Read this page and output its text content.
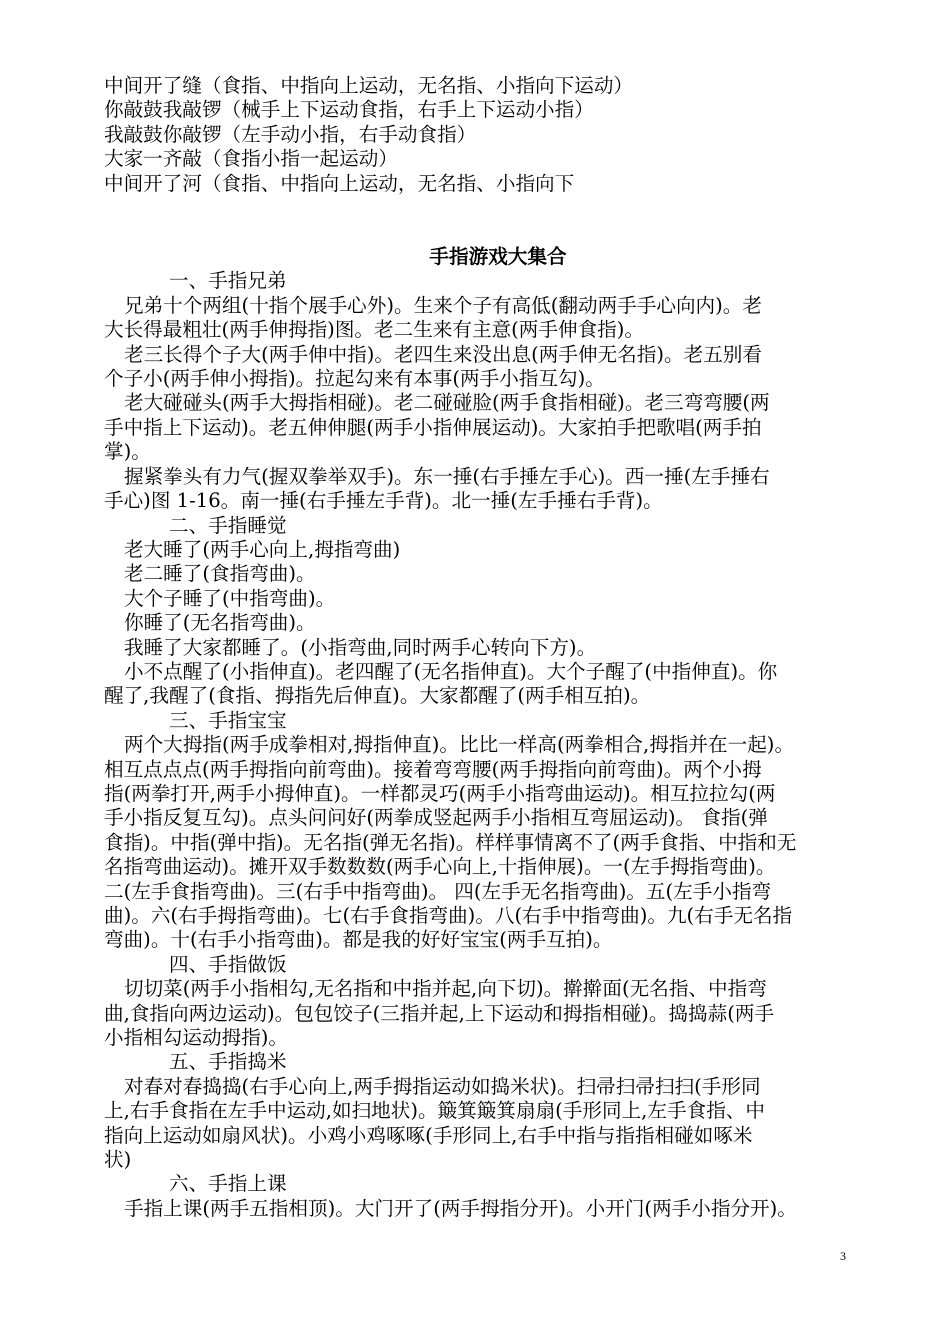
中间开了缝（食指、中指向上运动，无名指、小指向下运动）
你敲鼓我敲锣（械手上下运动食指，右手上下运动小指）
我敲鼓你敲锣（左手动小指，右手动食指）
大家一齐敲（食指小指一起运动）
中间开了河（食指、中指向上运动，无名指、小指向下
手指游戏大集合
一、手指兄弟
兄弟十个两组(十指个展手心外)。生来个子有高低(翻动两手手心向内)。老
大长得最粗壮(两手伸拇指)图。老二生来有主意(两手伸食指)。
老三长得个子大(两手伸中指)。老四生来没出息(两手伸无名指)。老五别看
个子小(两手伸小拇指)。拉起勾来有本事(两手小指互勾)。
老大碰碰头(两手大拇指相碰)。老二碰碰脸(两手食指相碰)。老三弯弯腰(两
手中指上下运动)。老五伸伸腿(两手小指伸展运动)。大家拍手把歌唱(两手拍
掌)。
握紧拳头有力气(握双拳举双手)。东一捶(右手捶左手心)。西一捶(左手捶右
手心)图 1-16。南一捶(右手捶左手背)。北一捶(左手捶右手背)。
二、手指睡觉
老大睡了(两手心向上,拇指弯曲)
老二睡了(食指弯曲)。
大个子睡了(中指弯曲)。
你睡了(无名指弯曲)。
我睡了大家都睡了。(小指弯曲,同时两手心转向下方)。
小不点醒了(小指伸直)。老四醒了(无名指伸直)。大个子醒了(中指伸直)。你
醒了,我醒了(食指、拇指先后伸直)。大家都醒了(两手相互拍)。
三、手指宝宝
两个大拇指(两手成拳相对,拇指伸直)。比比一样高(两拳相合,拇指并在一起)。
相互点点点(两手拇指向前弯曲)。接着弯弯腰(两手拇指向前弯曲)。两个小拇
指(两拳打开,两手小拇伸直)。一样都灵巧(两手小指弯曲运动)。相互拉拉勾(两
手小指反复互勾)。点头问问好(两拳成竖起两手小指相互弯屈运动)。 食指(弹
食指)。中指(弹中指)。无名指(弹无名指)。样样事情离不了(两手食指、中指和无
名指弯曲运动)。摊开双手数数数(两手心向上,十指伸展)。一(左手拇指弯曲)。
二(左手食指弯曲)。三(右手中指弯曲)。 四(左手无名指弯曲)。五(左手小指弯
曲)。六(右手拇指弯曲)。七(右手食指弯曲)。八(右手中指弯曲)。九(右手无名指
弯曲)。十(右手小指弯曲)。都是我的好好宝宝(两手互拍)。
四、手指做饭
切切菜(两手小指相勾,无名指和中指并起,向下切)。擀擀面(无名指、中指弯
曲,食指向两边运动)。包包饺子(三指并起,上下运动和拇指相碰)。捣捣蒜(两手
小指相勾运动拇指)。
五、手指捣米
对春对春捣捣(右手心向上,两手拇指运动如捣米状)。扫帚扫帚扫扫(手形同
上,右手食指在左手中运动,如扫地状)。簸箕簸箕扇扇(手形同上,左手食指、中
指向上运动如扇风状)。小鸡小鸡啄啄(手形同上,右手中指与指指相碰如啄米
状)
六、手指上课
手指上课(两手五指相顶)。大门开了(两手拇指分开)。小开门(两手小指分开)。
3
